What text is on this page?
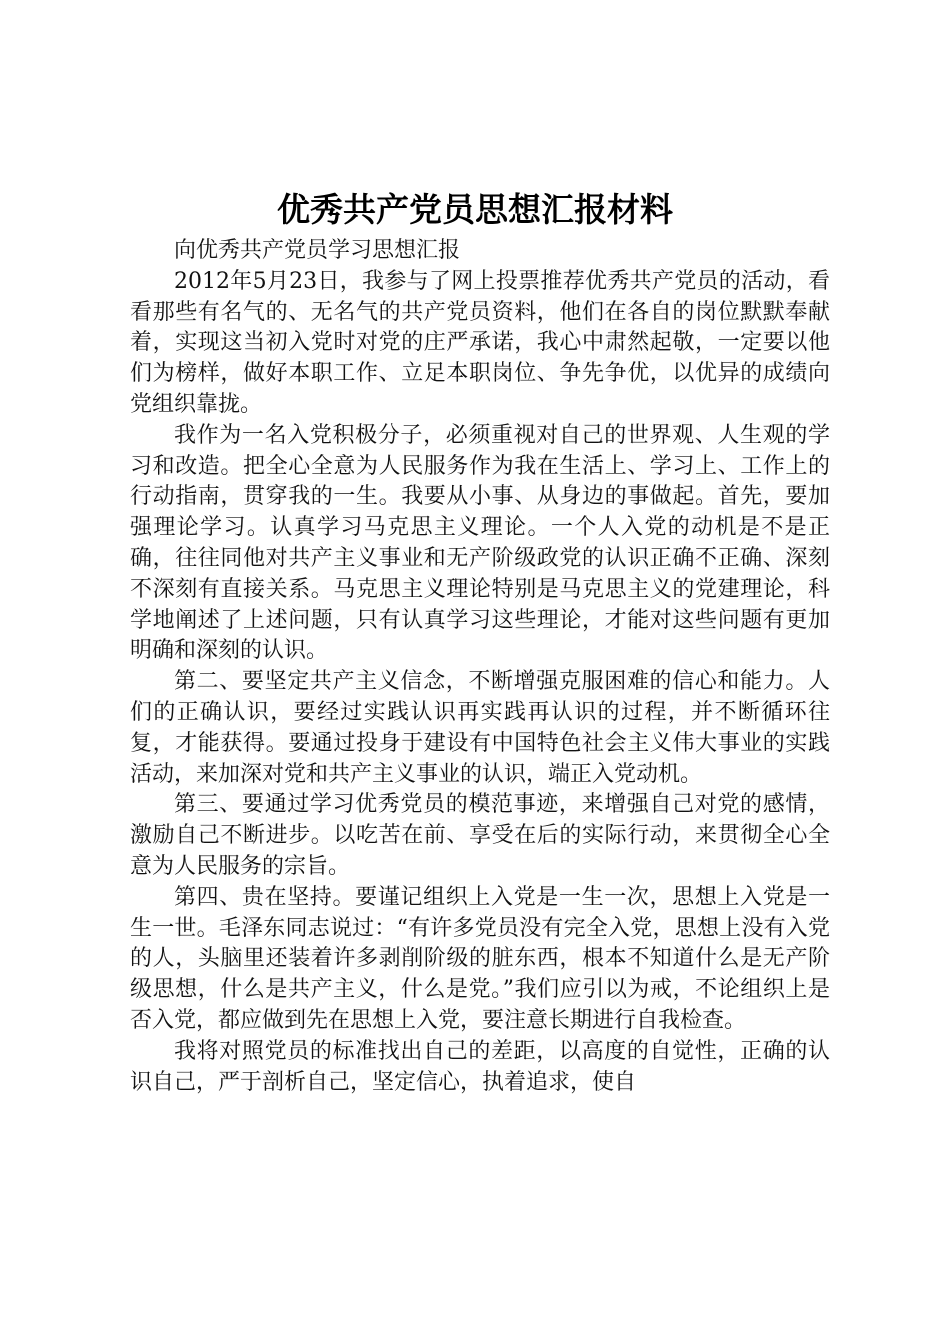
优秀共产党员思想汇报材料

向优秀共产党员学习思想汇报

2012年5月23日，我参与了网上投票推荐优秀共产党员的活动，看看那些有名气的、无名气的共产党员资料，他们在各自的岗位默默奉献着，实现这当初入党时对党的庄严承诺，我心中肃然起敬，一定要以他们为榜样，做好本职工作、立足本职岗位、争先争优，以优异的成绩向党组织靠拢。

我作为一名入党积极分子，必须重视对自己的世界观、人生观的学习和改造。把全心全意为人民服务作为我在生活上、学习上、工作上的行动指南，贯穿我的一生。我要从小事、从身边的事做起。首先，要加强理论学习。认真学习马克思主义理论。一个人入党的动机是不是正确，往往同他对共产主义事业和无产阶级政党的认识正确不正确、深刻不深刻有直接关系。马克思主义理论特别是马克思主义的党建理论，科学地阐述了上述问题，只有认真学习这些理论，才能对这些问题有更加明确和深刻的认识。

第二、要坚定共产主义信念，不断增强克服困难的信心和能力。人们的正确认识，要经过实践认识再实践再认识的过程，并不断循环往复，才能获得。要通过投身于建设有中国特色社会主义伟大事业的实践活动，来加深对党和共产主义事业的认识，端正入党动机。

第三、要通过学习优秀党员的模范事迹，来增强自己对党的感情，激励自己不断进步。以吃苦在前、享受在后的实际行动，来贯彻全心全意为人民服务的宗旨。

第四、贵在坚持。要谨记组织上入党是一生一次，思想上入党是一生一世。毛泽东同志说过：“有许多党员没有完全入党，思想上没有入党的人，头脑里还装着许多剥削阶级的脏东西，根本不知道什么是无产阶级思想，什么是共产主义，什么是党。”我们应引以为戒，不论组织上是否入党，都应做到先在思想上入党，要注意长期进行自我检查。

我将对照党员的标准找出自己的差距，以高度的自觉性，正确的认识自己，严于剖析自己，坚定信心，执着追求，使自
